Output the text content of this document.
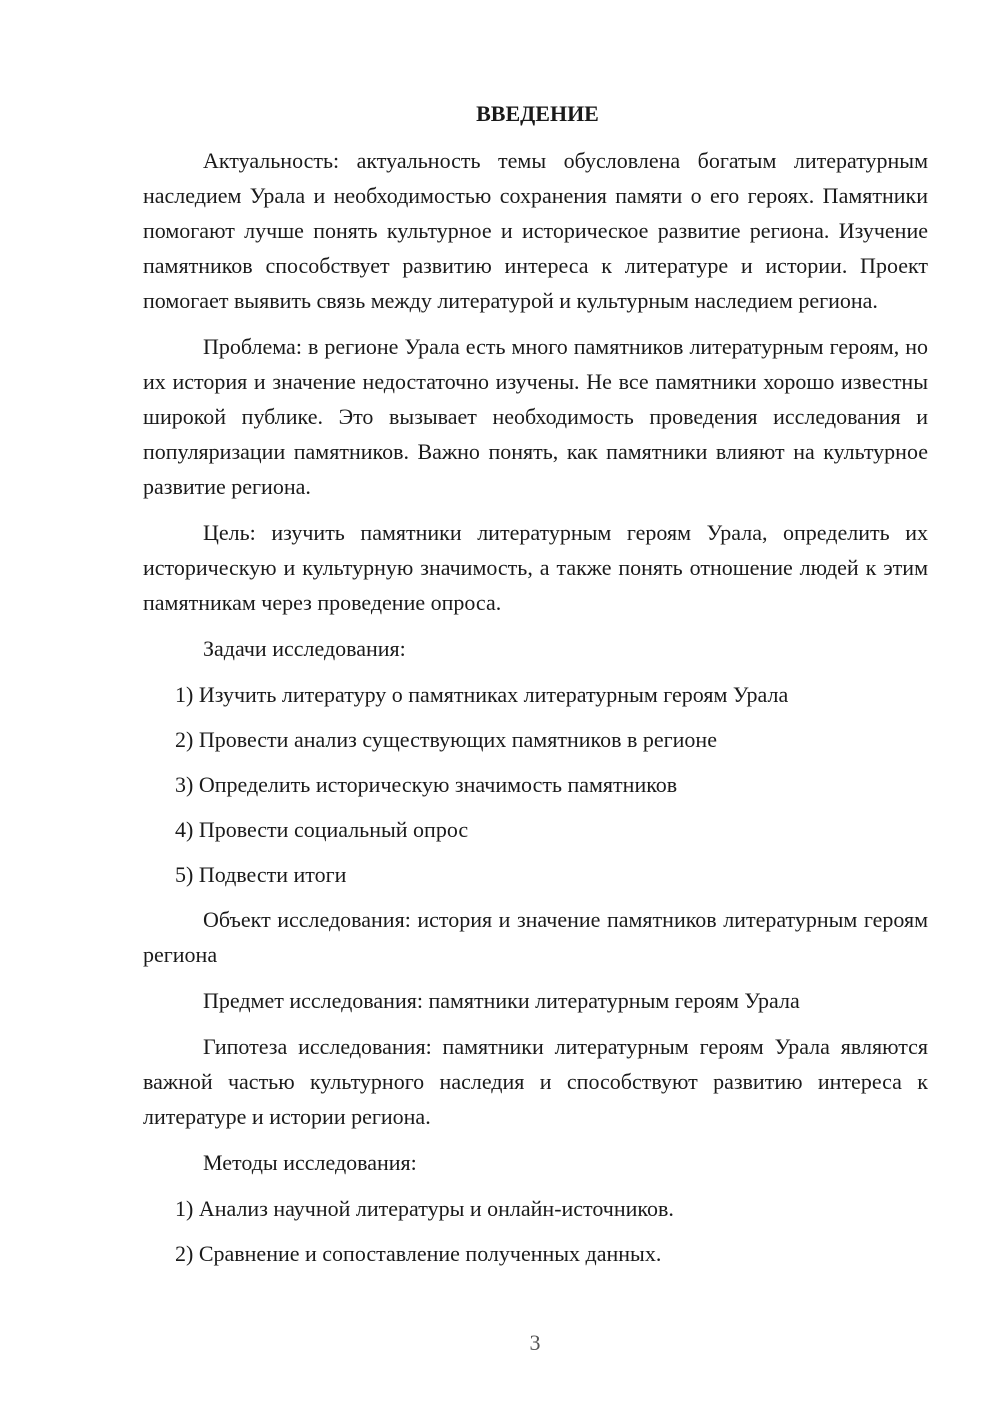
ВВЕДЕНИЕ

Актуальность: актуальность темы обусловлена богатым литературным наследием Урала и необходимостью сохранения памяти о его героях. Памятники помогают лучше понять культурное и историческое развитие региона. Изучение памятников способствует развитию интереса к литературе и истории. Проект помогает выявить связь между литературой и культурным наследием региона.

Проблема: в регионе Урала есть много памятников литературным героям, но их история и значение недостаточно изучены. Не все памятники хорошо известны широкой публике. Это вызывает необходимость проведения исследования и популяризации памятников. Важно понять, как памятники влияют на культурное развитие региона.

Цель: изучить памятники литературным героям Урала, определить их историческую и культурную значимость, а также понять отношение людей к этим памятникам через проведение опроса.

Задачи исследования:

1) Изучить литературу о памятниках литературным героям Урала
2) Провести анализ существующих памятников в регионе
3) Определить историческую значимость памятников
4) Провести социальный опрос
5) Подвести итоги

Объект исследования: история и значение памятников литературным героям региона

Предмет исследования: памятники литературным героям Урала

Гипотеза исследования: памятники литературным героям Урала являются важной частью культурного наследия и способствуют развитию интереса к литературе и истории региона.

Методы исследования:

1) Анализ научной литературы и онлайн-источников.
2) Сравнение и сопоставление полученных данных.
3
